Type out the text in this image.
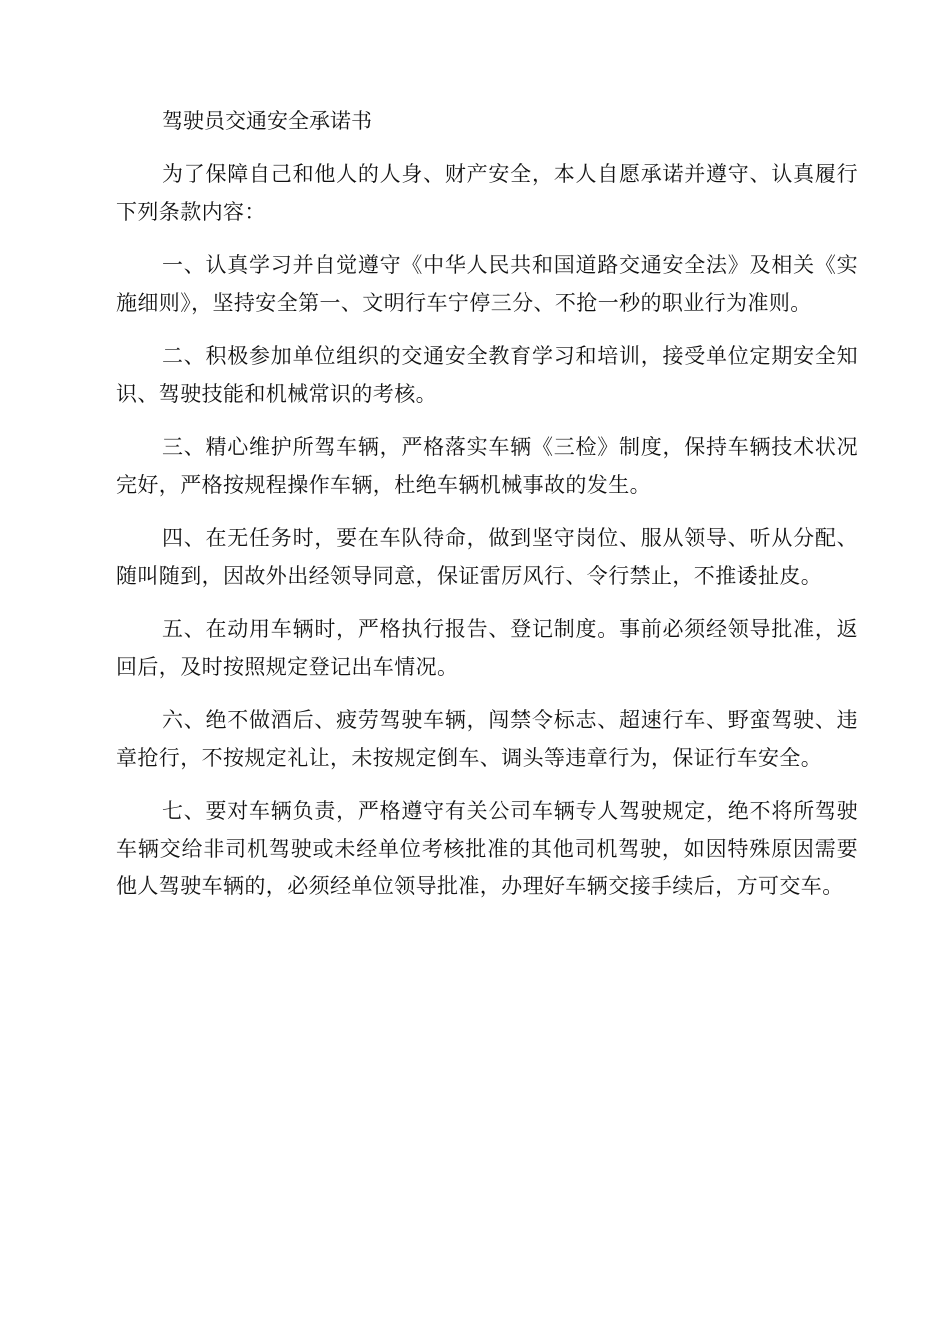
驾驶员交通安全承诺书

为了保障自己和他人的人身、财产安全，本人自愿承诺并遵守、认真履行下列条款内容：

一、认真学习并自觉遵守《中华人民共和国道路交通安全法》及相关《实施细则》，坚持安全第一、文明行车宁停三分、不抢一秒的职业行为准则。

二、积极参加单位组织的交通安全教育学习和培训，接受单位定期安全知识、驾驶技能和机械常识的考核。

三、精心维护所驾车辆，严格落实车辆《三检》制度，保持车辆技术状况完好，严格按规程操作车辆，杜绝车辆机械事故的发生。

四、在无任务时，要在车队待命，做到坚守岗位、服从领导、听从分配、随叫随到，因故外出经领导同意，保证雷厉风行、令行禁止，不推诿扯皮。

五、在动用车辆时，严格执行报告、登记制度。事前必须经领导批准，返回后，及时按照规定登记出车情况。

六、绝不做酒后、疲劳驾驶车辆，闯禁令标志、超速行车、野蛮驾驶、违章抢行，不按规定礼让，未按规定倒车、调头等违章行为，保证行车安全。

七、要对车辆负责，严格遵守有关公司车辆专人驾驶规定，绝不将所驾驶车辆交给非司机驾驶或未经单位考核批准的其他司机驾驶，如因特殊原因需要他人驾驶车辆的，必须经单位领导批准，办理好车辆交接手续后，方可交车。
